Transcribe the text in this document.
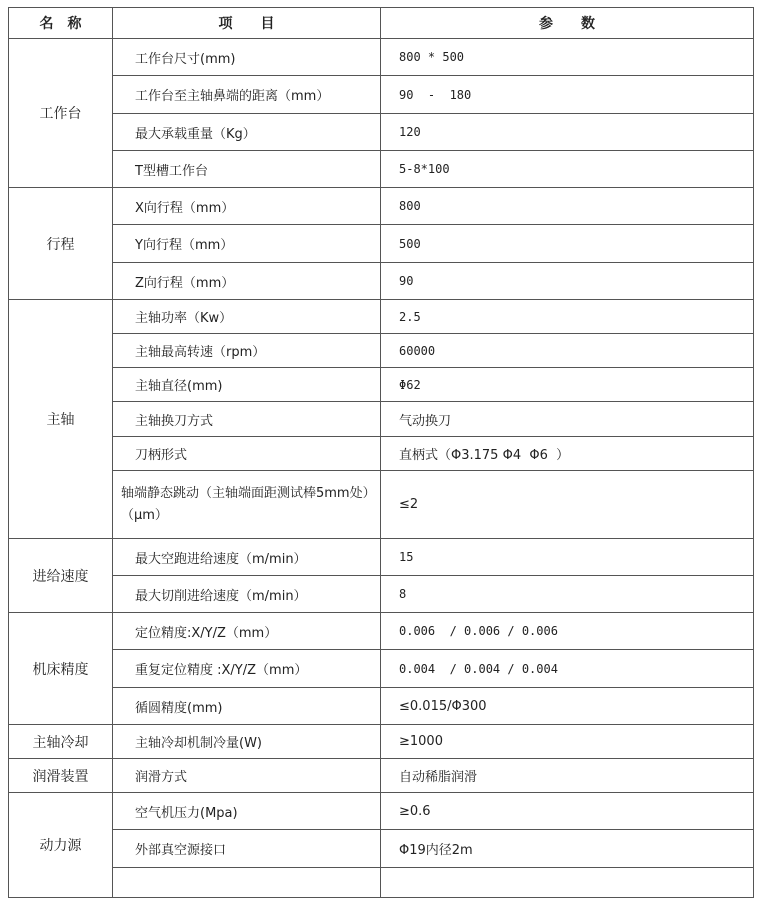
名　称	项　　目	参　　数
工作台	工作台尺寸(mm)	800 * 500
	工作台至主轴鼻端的距离（mm）	90  -  180
	最大承载重量（Kg）	120
	T型槽工作台	5-8*100
行程	X向行程（mm）	800
	Y向行程（mm）	500
	Z向行程（mm）	90
主轴	主轴功率（Kw）	2.5
	主轴最高转速（rpm）	60000
	主轴直径(mm)	Φ62
	主轴换刀方式	气动换刀
	刀柄形式	直柄式（Φ3.175 Φ4  Φ6  ）
	轴端静态跳动（主轴端面距测试棒5mm处）　　（μm）	≤2
进给速度	最大空跑进给速度（m/min）	15
	最大切削进给速度（m/min）	8
机床精度	定位精度:X/Y/Z（mm）	0.006  / 0.006 / 0.006
	重复定位精度 :X/Y/Z（mm）	0.004  / 0.004 / 0.004
	循圆精度(mm)	≤0.015/Φ300
主轴冷却	主轴冷却机制冷量(W)	≥1000
润滑装置	润滑方式	自动稀脂润滑
动力源	空气机压力(Mpa)	≥0.6
	外部真空源接口	Φ19内径2m
